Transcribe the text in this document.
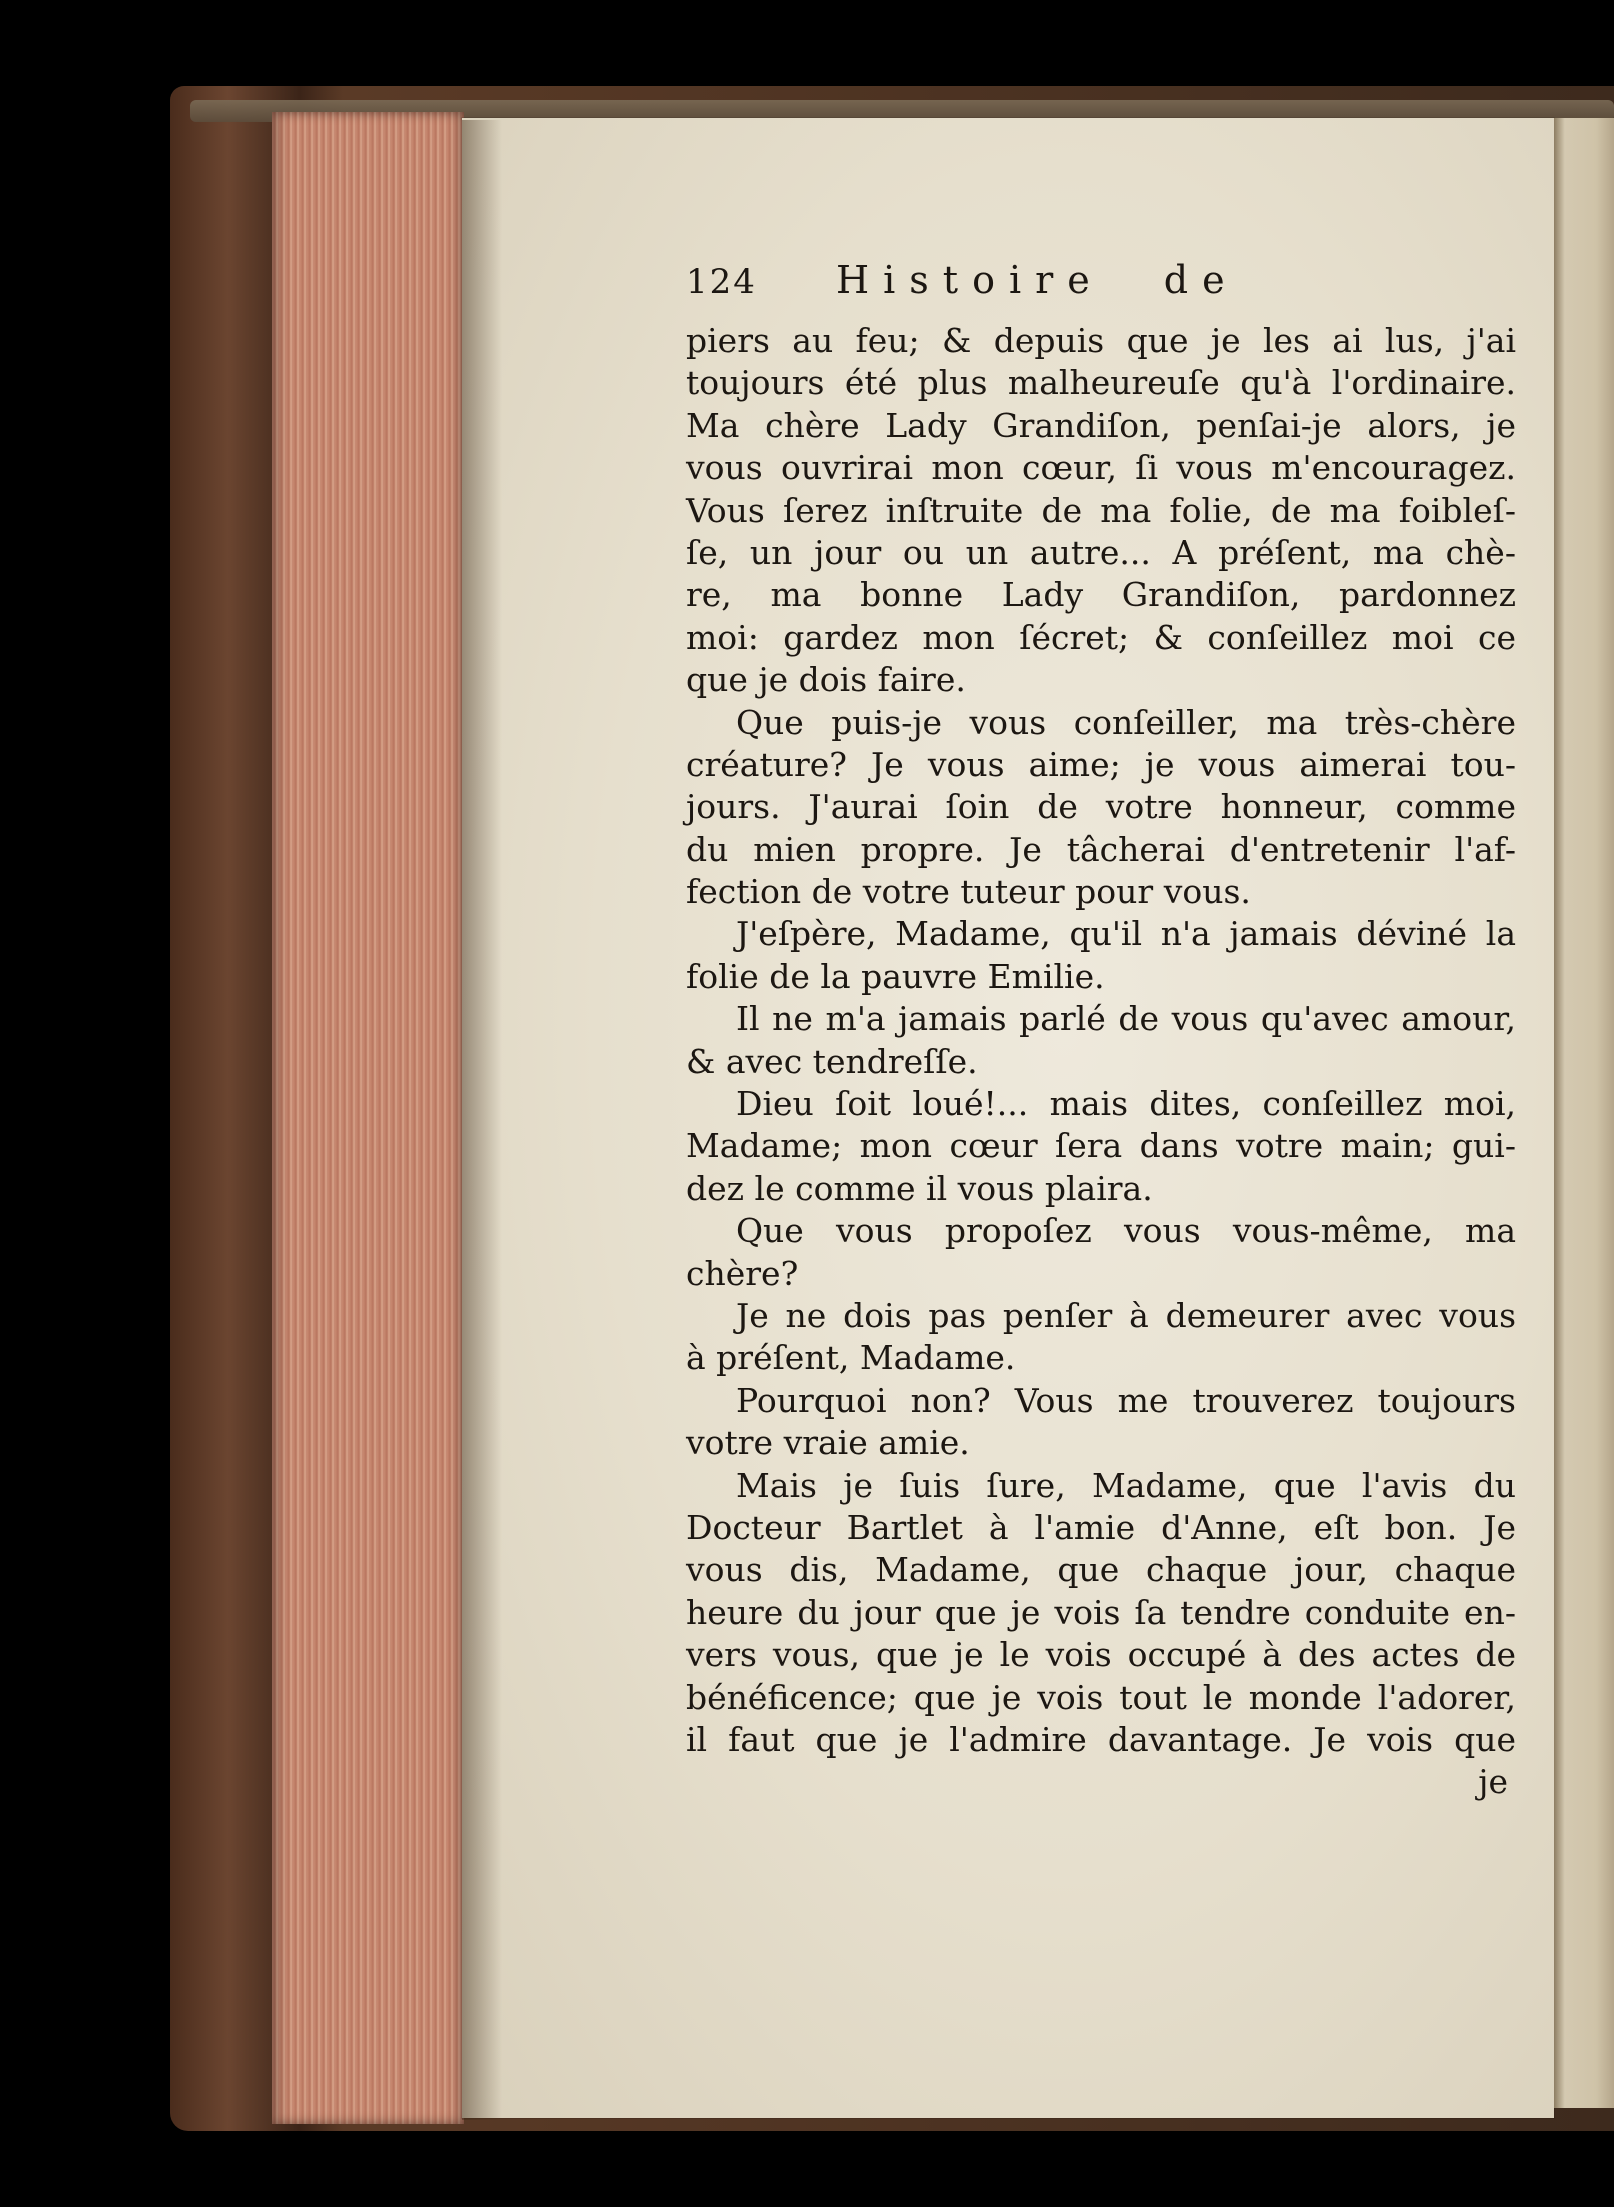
124	Histoire de
piers au feu; & depuis que je les ai lus, j'ai
toujours été plus malheureuſe qu'à l'ordinaire.
Ma chère Lady Grandiſon, penſai-je alors, je
vous ouvrirai mon cœur, ſi vous m'encouragez.
Vous ſerez inſtruite de ma folie, de ma foibleſ-
ſe, un jour ou un autre... A préſent, ma chè-
re, ma bonne Lady Grandiſon, pardonnez
moi: gardez mon ſécret; & conſeillez moi ce
que je dois faire.
Que puis-je vous conſeiller, ma très-chère
créature? Je vous aime; je vous aimerai tou-
jours. J'aurai ſoin de votre honneur, comme
du mien propre. Je tâcherai d'entretenir l'af-
fection de votre tuteur pour vous.
J'eſpère, Madame, qu'il n'a jamais déviné la
folie de la pauvre Emilie.
Il ne m'a jamais parlé de vous qu'avec amour,
& avec tendreſſe.
Dieu ſoit loué!... mais dites, conſeillez moi,
Madame; mon cœur ſera dans votre main; gui-
dez le comme il vous plaira.
Que vous propoſez vous vous-même, ma
chère?
Je ne dois pas penſer à demeurer avec vous
à préſent, Madame.
Pourquoi non? Vous me trouverez toujours
votre vraie amie.
Mais je ſuis ſure, Madame, que l'avis du
Docteur Bartlet à l'amie d'Anne, eſt bon. Je
vous dis, Madame, que chaque jour, chaque
heure du jour que je vois ſa tendre conduite en-
vers vous, que je le vois occupé à des actes de
bénéficence; que je vois tout le monde l'adorer,
il faut que je l'admire davantage. Je vois que
je
